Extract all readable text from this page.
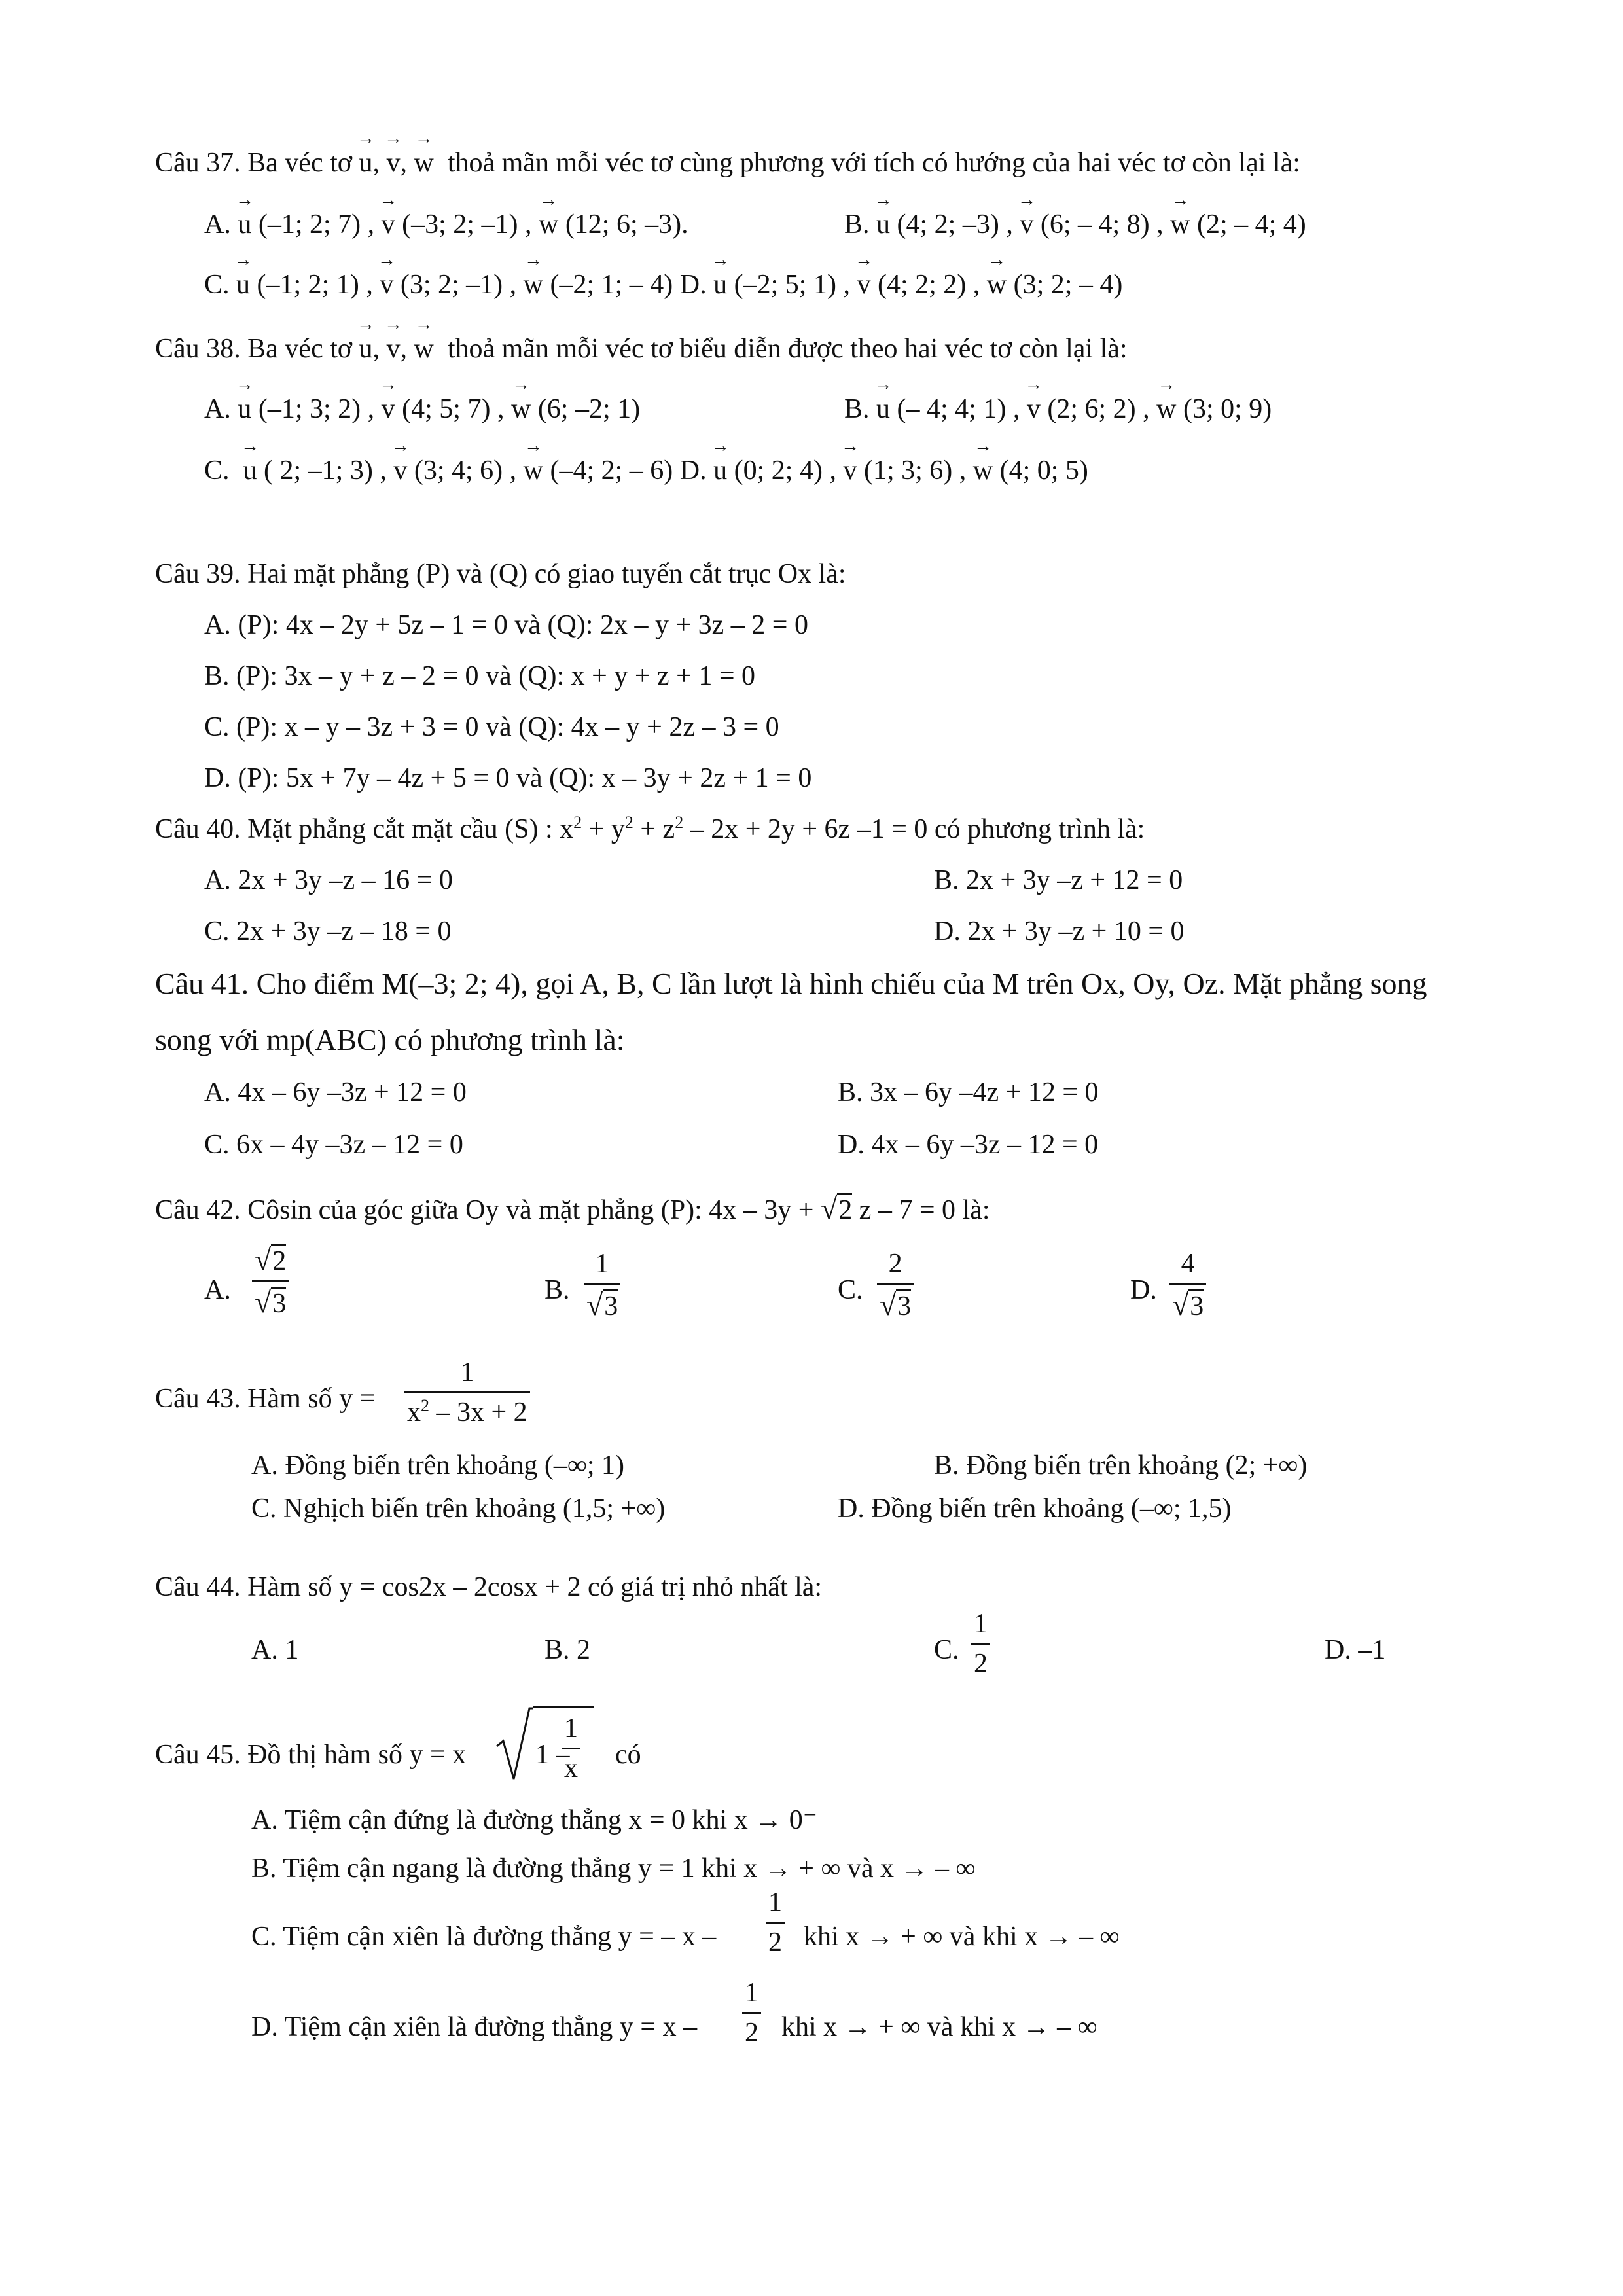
Câu 37. Ba véc tơ → u, → v, → w thoả mãn mỗi véc tơ cùng phương với tích có hướng của hai véc tơ còn lại là:
A. → u (–1; 2; 7) , → v (–3; 2; –1) , → w (12; 6; –3).	B. → u (4; 2; –3) , → v (6; – 4; 8) , → w (2; – 4; 4)
C. → u (–1; 2; 1) , → v (3; 2; –1) , → w (–2; 1; – 4) D. → u (–2; 5; 1) , → v (4; 2; 2) , → w (3; 2; – 4)
Câu 38. Ba véc tơ → u, → v, → w thoả mãn mỗi véc tơ biểu diễn được theo hai véc tơ còn lại là:
A. → u (–1; 3; 2) , → v (4; 5; 7) , → w (6; –2; 1)	B. → u (– 4; 4; 1) , → v (2; 6; 2) , → w (3; 0; 9)
C. → u ( 2; –1; 3) , → v (3; 4; 6) , → w (–4; 2; – 6) D. → u (0; 2; 4) , → v (1; 3; 6) , → w (4; 0; 5)
Câu 39. Hai mặt phẳng (P) và (Q) có giao tuyến cắt trục Ox là:
A. (P): 4x – 2y + 5z – 1 = 0 và (Q): 2x – y + 3z – 2 = 0
B. (P): 3x – y + z – 2 = 0 và (Q): x + y + z + 1 = 0
C. (P): x – y – 3z + 3 = 0 và (Q): 4x – y + 2z – 3 = 0
D. (P): 5x + 7y – 4z + 5 = 0 và (Q): x – 3y + 2z + 1 = 0
Câu 40. Mặt phẳng cắt mặt cầu (S) : $x^2 + y^2 + z^2 - 2x + 2y + 6z$ –1 = 0 có phương trình là:
A. 2x + 3y –z – 16 = 0	B. 2x + 3y –z + 12 = 0
C. 2x + 3y –z – 18 = 0	D. 2x + 3y –z + 10 = 0
Câu 41. Cho điểm M(–3; 2; 4), gọi A, B, C lần lượt là hình chiếu của M trên Ox, Oy, Oz. Mặt phẳng song
song với mp(ABC) có phương trình là:
A. 4x – 6y –3z + 12 = 0	B. 3x – 6y –4z + 12 = 0
C. 6x – 4y –3z – 12 = 0	D. 4x – 6y –3z – 12 = 0
Câu 42. Côsin của góc giữa Oy và mặt phẳng (P): 4x – 3y + √2 z – 7 = 0 là:
A. $\frac{√2}{√3}$	B. $\frac{1}{√3}$	C. $\frac{2}{√3}$	D. $\frac{4}{√3}$
Câu 43. Hàm số $y = \frac{1}{x^2 - 3x + 2}$
A. Đồng biến trên khoảng (–∞; 1)	B. Đồng biến trên khoảng (2; +∞)
C. Nghịch biến trên khoảng (1,5; +∞)	D. Đồng biến trên khoảng (–∞; 1,5)
Câu 44. Hàm số y = cos2x – 2cosx + 2 có giá trị nhỏ nhất là:
A. 1	B. 2	C. $\frac{1}{2}$	D. –1
Câu 45. Đồ thị hàm số y = x	1 –
$\frac{1}{x}$ có
A. Tiệm cận đứng là đường thẳng x = 0 khi x → 0⁻
B. Tiệm cận ngang là đường thẳng y = 1 khi x → + ∞ và x → – ∞
C. Tiệm cận xiên là đường thẳng y = – x – $\frac{1}{2}$ khi x → + ∞ và khi x → – ∞
D. Tiệm cận xiên là đường thẳng $y = x - \frac{1}{2}$ khi x → + ∞ và khi x → – ∞
